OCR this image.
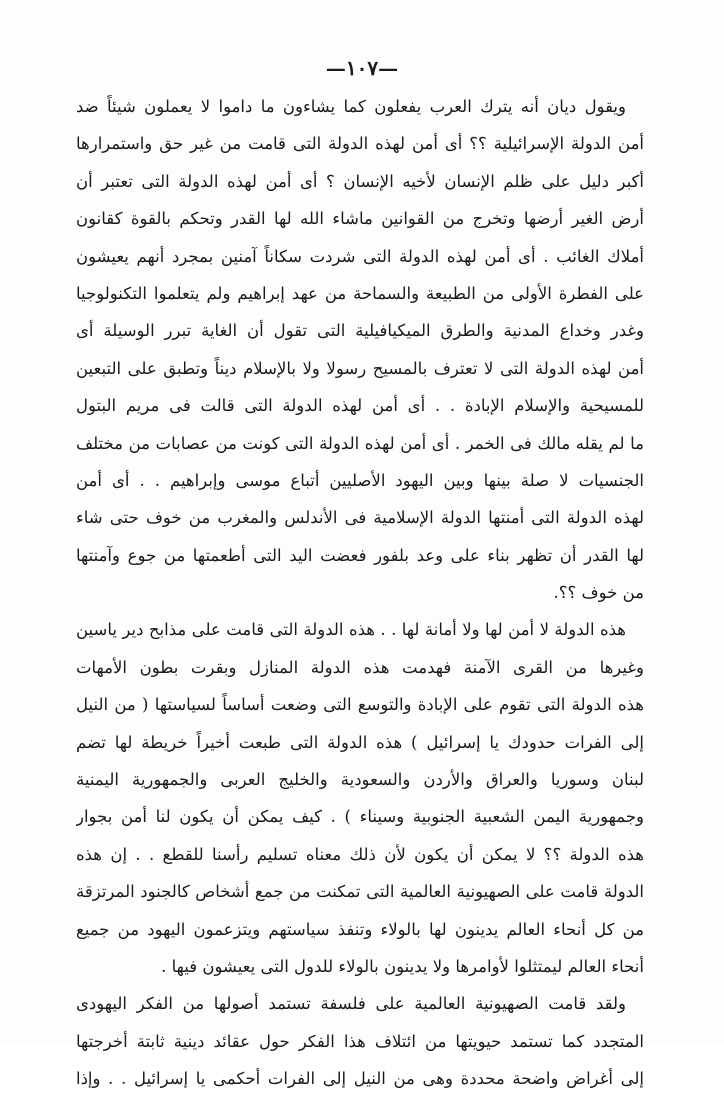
—١٠٧—
ويقول ديان أنه يترك العرب يفعلون كما يشاءون ما داموا لا يعملون شيئاً ضد
أمن الدولة الإسرائيلية ؟؟ أى أمن لهذه الدولة التى قامت من غير حق واستمرارها
أكبر دليل على ظلم الإنسان لأخيه الإنسان ؟ أى أمن لهذه الدولة التى تعتبر أن
أرض الغير أرضها وتخرج من القوانين ماشاء الله لها القدر وتحكم بالقوة كقانون
أملاك الغائب . أى أمن لهذه الدولة التى شردت سكاناً آمنين بمجرد أنهم يعيشون
على الفطرة الأولى من الطبيعة والسماحة من عهد إبراهيم ولم يتعلموا التكنولوجيا
وغدر وخداع المدنية والطرق الميكيافيلية التى تقول أن الغاية تبرر الوسيلة أى
أمن لهذه الدولة التى لا تعترف بالمسيح رسولا ولا بالإسلام ديناً وتطبق على التبعين
للمسيحية والإسلام الإبادة . . أى أمن لهذه الدولة التى قالت فى مريم البتول
ما لم يقله مالك فى الخمر . أى أمن لهذه الدولة التى كونت من عصابات من مختلف
الجنسيات لا صلة بينها وبين اليهود الأصليين أتباع موسى وإبراهيم . . أى أمن
لهذه الدولة التى أمنتها الدولة الإسلامية فى الأندلس والمغرب من خوف حتى شاء
لها القدر أن تظهر بناء على وعد بلفور فعضت اليد التى أطعمتها من جوع وآمنتها
من خوف ؟؟.
هذه الدولة لا أمن لها ولا أمانة لها . . هذه الدولة التى قامت على مذابح دير ياسين
وغيرها من القرى الآمنة فهدمت هذه الدولة المنازل وبقرت بطون الأمهات
هذه الدولة التى تقوم على الإبادة والتوسع التى وضعت أساساً لسياستها ( من النيل
إلى الفرات حدودك يا إسرائيل ) هذه الدولة التى طبعت أخيراً خريطة لها تضم
لبنان وسوريا والعراق والأردن والسعودية والخليج العربى والجمهورية اليمنية
وجمهورية اليمن الشعبية الجنوبية وسيناء ) . كيف يمكن أن يكون لنا أمن بجوار
هذه الدولة ؟؟ لا يمكن أن يكون لأن ذلك معناه تسليم رأسنا للقطع . . إن هذه
الدولة قامت على الصهيونية العالمية التى تمكنت من جمع أشخاص كالجنود المرتزقة
من كل أنحاء العالم يدينون لها بالولاء وتنفذ سياستهم ويتزعمون اليهود من جميع
أنحاء العالم ليمتثلوا لأوامرها ولا يدينون بالولاء للدول التى يعيشون فيها .
ولقد قامت الصهيونية العالمية على فلسفة تستمد أصولها من الفكر اليهودى
المتجدد كما تستمد حيويتها من ائتلاف هذا الفكر حول عقائد دينية ثابتة أخرجتها
إلى أغراض واضحة محددة وهى من النيل إلى الفرات أحكمى يا إسرائيل . . وإذا
